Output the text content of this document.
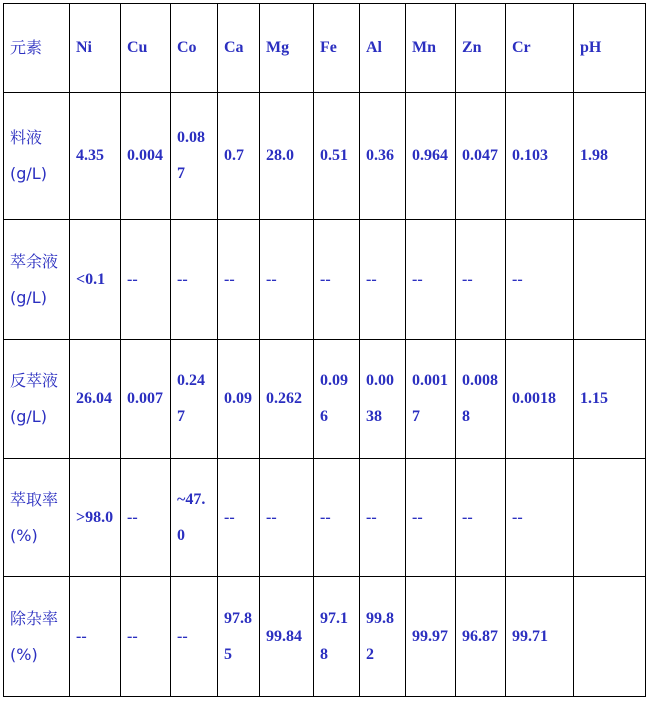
元素	Ni	Cu	Co	Ca	Mg	Fe	Al	Mn	Zn	Cr	pH
料液(g/L)	4.35	0.004	0.087	0.7	28.0	0.51	0.36	0.964	0.047	0.103	1.98
萃余液(g/L)	<0.1	--	--	--	--	--	--	--	--	--	
反萃液(g/L)	26.04	0.007	0.247	0.09	0.262	0.096	0.0038	0.0017	0.0088	0.0018	1.15
萃取率(%)	>98.0	--	~47.0	--	--	--	--	--	--	--	
除杂率(%)	--	--	--	97.85	99.84	97.18	99.82	99.97	96.87	99.71	
